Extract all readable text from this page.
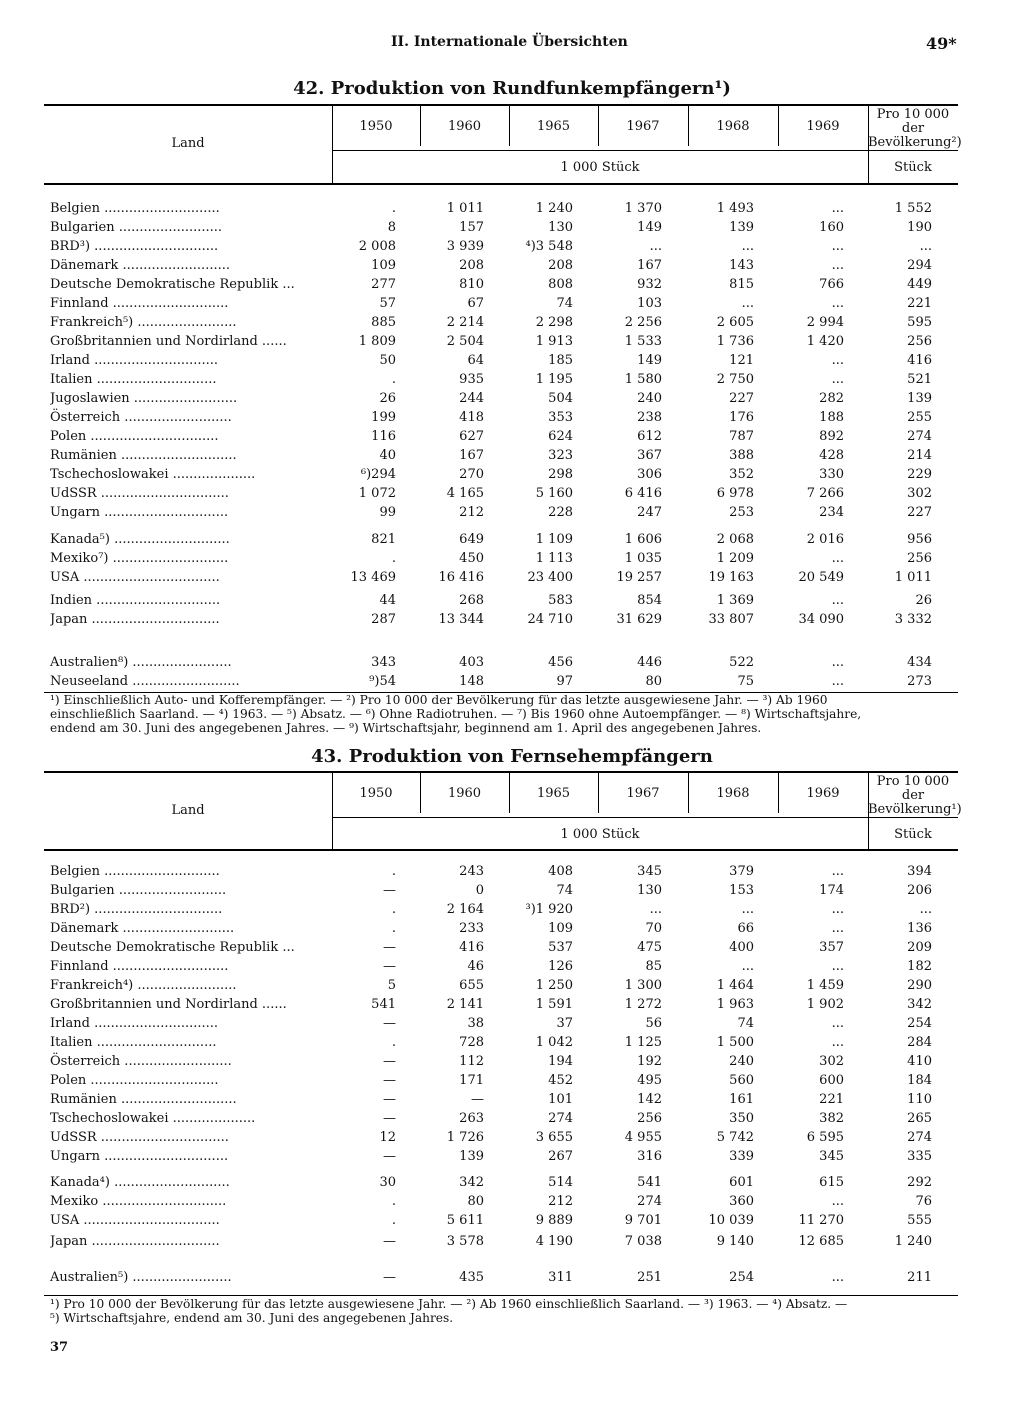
II. Internationale Übersichten	49*
42. Produktion von Rundfunkempfängern¹)
Land
1950	1960	1965	1967	1968	1969
1 000 Stück
Pro 10 000 der Bevölkerung²)
Stück
Belgien ............................	.	1 011	1 240	1 370	1 493	...	1 552
Bulgarien .........................	8	157	130	149	139	160	190
BRD³) ..............................	2 008	3 939	⁴)3 548	...	...	...	...
Dänemark ..........................	109	208	208	167	143	...	294
Deutsche Demokratische Republik ...	277	810	808	932	815	766	449
Finnland ............................	57	67	74	103	...	...	221
Frankreich⁵) ........................	885	2 214	2 298	2 256	2 605	2 994	595
Großbritannien und Nordirland ......	1 809	2 504	1 913	1 533	1 736	1 420	256
Irland ..............................	50	64	185	149	121	...	416
Italien .............................	.	935	1 195	1 580	2 750	...	521
Jugoslawien .........................	26	244	504	240	227	282	139
Österreich ..........................	199	418	353	238	176	188	255
Polen ...............................	116	627	624	612	787	892	274
Rumänien ............................	40	167	323	367	388	428	214
Tschechoslowakei ....................	⁶)294	270	298	306	352	330	229
UdSSR ...............................	1 072	4 165	5 160	6 416	6 978	7 266	302
Ungarn ..............................	99	212	228	247	253	234	227
Kanada⁵) ............................	821	649	1 109	1 606	2 068	2 016	956
Mexiko⁷) ............................	.	450	1 113	1 035	1 209	...	256
USA .................................	13 469	16 416	23 400	19 257	19 163	20 549	1 011
Indien ..............................	44	268	583	854	1 369	...	26
Japan ...............................	287	13 344	24 710	31 629	33 807	34 090	3 332
Australien⁸) ........................	343	403	456	446	522	...	434
Neuseeland ..........................	⁹)54	148	97	80	75	...	273
¹) Einschließlich Auto- und Kofferempfänger. — ²) Pro 10 000 der Bevölkerung für das letzte ausgewiesene Jahr. — ³) Ab 1960
einschließlich Saarland. — ⁴) 1963. — ⁵) Absatz. — ⁶) Ohne Radiotruhen. — ⁷) Bis 1960 ohne Autoempfänger. — ⁸) Wirtschaftsjahre,
endend am 30. Juni des angegebenen Jahres. — ⁹) Wirtschaftsjahr, beginnend am 1. April des angegebenen Jahres.
43. Produktion von Fernsehempfängern
Land
1950	1960	1965	1967	1968	1969
1 000 Stück
Pro 10 000 der Bevölkerung¹)
Stück
Belgien ............................	.	243	408	345	379	...	394
Bulgarien ..........................	—	0	74	130	153	174	206
BRD²) ...............................	.	2 164	³)1 920	...	...	...	...
Dänemark ...........................	.	233	109	70	66	...	136
Deutsche Demokratische Republik ...	—	416	537	475	400	357	209
Finnland ............................	—	46	126	85	...	...	182
Frankreich⁴) ........................	5	655	1 250	1 300	1 464	1 459	290
Großbritannien und Nordirland ......	541	2 141	1 591	1 272	1 963	1 902	342
Irland ..............................	—	38	37	56	74	...	254
Italien .............................	.	728	1 042	1 125	1 500	...	284
Österreich ..........................	—	112	194	192	240	302	410
Polen ...............................	—	171	452	495	560	600	184
Rumänien ............................	—	—	101	142	161	221	110
Tschechoslowakei ....................	—	263	274	256	350	382	265
UdSSR ...............................	12	1 726	3 655	4 955	5 742	6 595	274
Ungarn ..............................	—	139	267	316	339	345	335
Kanada⁴) ............................	30	342	514	541	601	615	292
Mexiko ..............................	.	80	212	274	360	...	76
USA .................................	.	5 611	9 889	9 701	10 039	11 270	555
Japan ...............................	—	3 578	4 190	7 038	9 140	12 685	1 240
Australien⁵) ........................	—	435	311	251	254	...	211
¹) Pro 10 000 der Bevölkerung für das letzte ausgewiesene Jahr. — ²) Ab 1960 einschließlich Saarland. — ³) 1963. — ⁴) Absatz. —
⁵) Wirtschaftsjahre, endend am 30. Juni des angegebenen Jahres.
37
